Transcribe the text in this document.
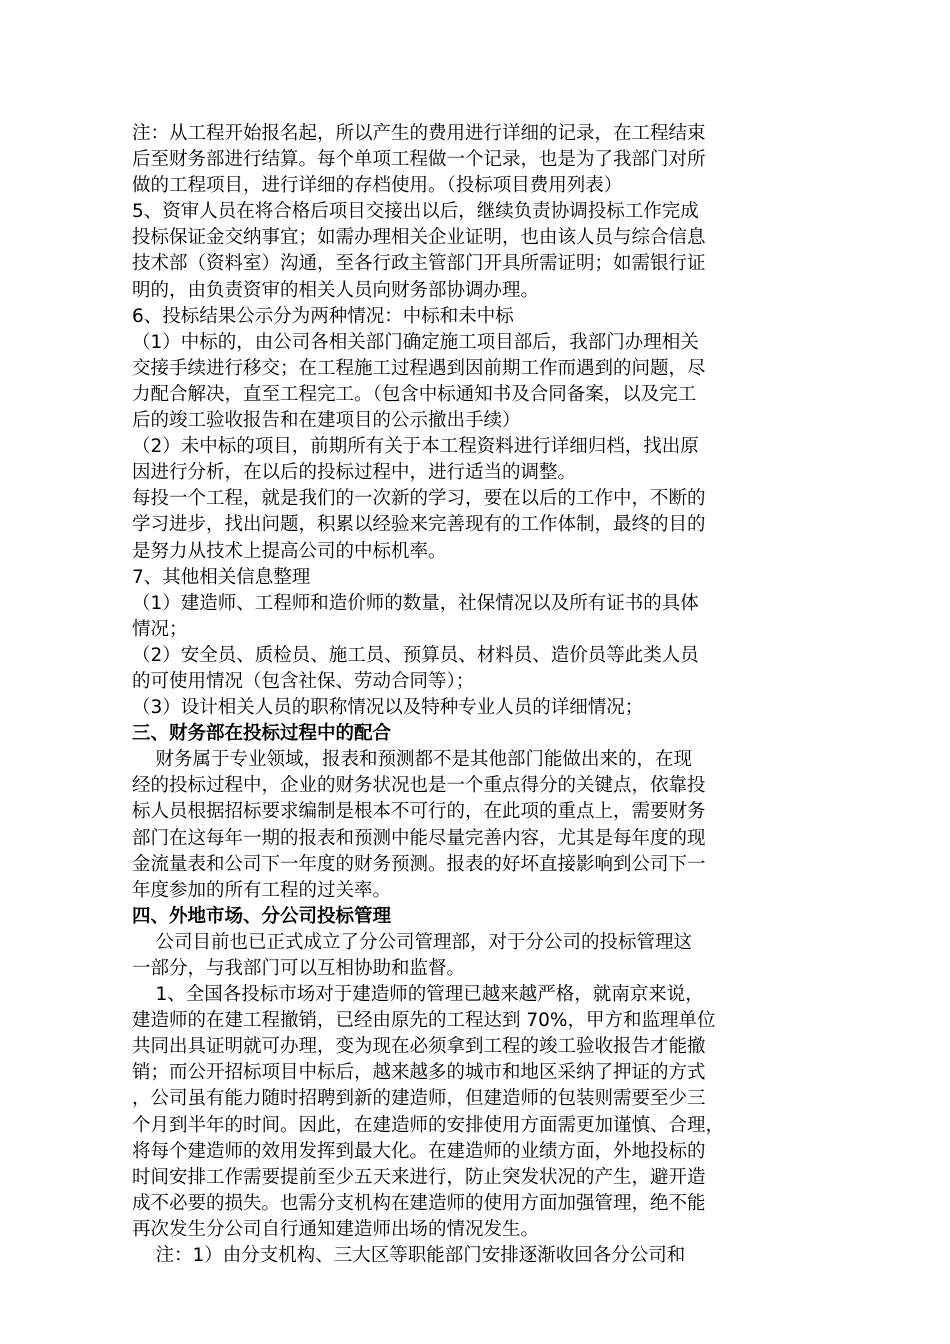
注：从工程开始报名起，所以产生的费用进行详细的记录，在工程结束
后至财务部进行结算。每个单项工程做一个记录，也是为了我部门对所
做的工程项目，进行详细的存档使用。（投标项目费用列表）
5、资审人员在将合格后项目交接出以后，继续负责协调投标工作完成
投标保证金交纳事宜；如需办理相关企业证明，也由该人员与综合信息
技术部（资料室）沟通，至各行政主管部门开具所需证明；如需银行证
明的，由负责资审的相关人员向财务部协调办理。
6、投标结果公示分为两种情况：中标和未中标
（1）中标的，由公司各相关部门确定施工项目部后，我部门办理相关
交接手续进行移交；在工程施工过程遇到因前期工作而遇到的问题，尽
力配合解决，直至工程完工。（包含中标通知书及合同备案，以及完工
后的竣工验收报告和在建项目的公示撤出手续）
（2）未中标的项目，前期所有关于本工程资料进行详细归档，找出原
因进行分析，在以后的投标过程中，进行适当的调整。
每投一个工程，就是我们的一次新的学习，要在以后的工作中，不断的
学习进步，找出问题，积累以经验来完善现有的工作体制，最终的目的
是努力从技术上提高公司的中标机率。
7、其他相关信息整理
（1）建造师、工程师和造价师的数量，社保情况以及所有证书的具体
情况；
（2）安全员、质检员、施工员、预算员、材料员、造价员等此类人员
的可使用情况（包含社保、劳动合同等）；
（3）设计相关人员的职称情况以及特种专业人员的详细情况；
三、财务部在投标过程中的配合
财务属于专业领域，报表和预测都不是其他部门能做出来的，在现
经的投标过程中，企业的财务状况也是一个重点得分的关键点，依靠投
标人员根据招标要求编制是根本不可行的，在此项的重点上，需要财务
部门在这每年一期的报表和预测中能尽量完善内容，尤其是每年度的现
金流量表和公司下一年度的财务预测。报表的好坏直接影响到公司下一
年度参加的所有工程的过关率。
四、外地市场、分公司投标管理
公司目前也已正式成立了分公司管理部，对于分公司的投标管理这
一部分，与我部门可以互相协助和监督。
1、全国各投标市场对于建造师的管理已越来越严格，就南京来说，
建造师的在建工程撤销，已经由原先的工程达到 70%，甲方和监理单位
共同出具证明就可办理，变为现在必须拿到工程的竣工验收报告才能撤
销；而公开招标项目中标后，越来越多的城市和地区采纳了押证的方式
，公司虽有能力随时招聘到新的建造师，但建造师的包装则需要至少三
个月到半年的时间。因此，在建造师的安排使用方面需更加谨慎、合理，
将每个建造师的效用发挥到最大化。在建造师的业绩方面，外地投标的
时间安排工作需要提前至少五天来进行，防止突发状况的产生，避开造
成不必要的损失。也需分支机构在建造师的使用方面加强管理，绝不能
再次发生分公司自行通知建造师出场的情况发生。
注：1）由分支机构、三大区等职能部门安排逐渐收回各分公司和
